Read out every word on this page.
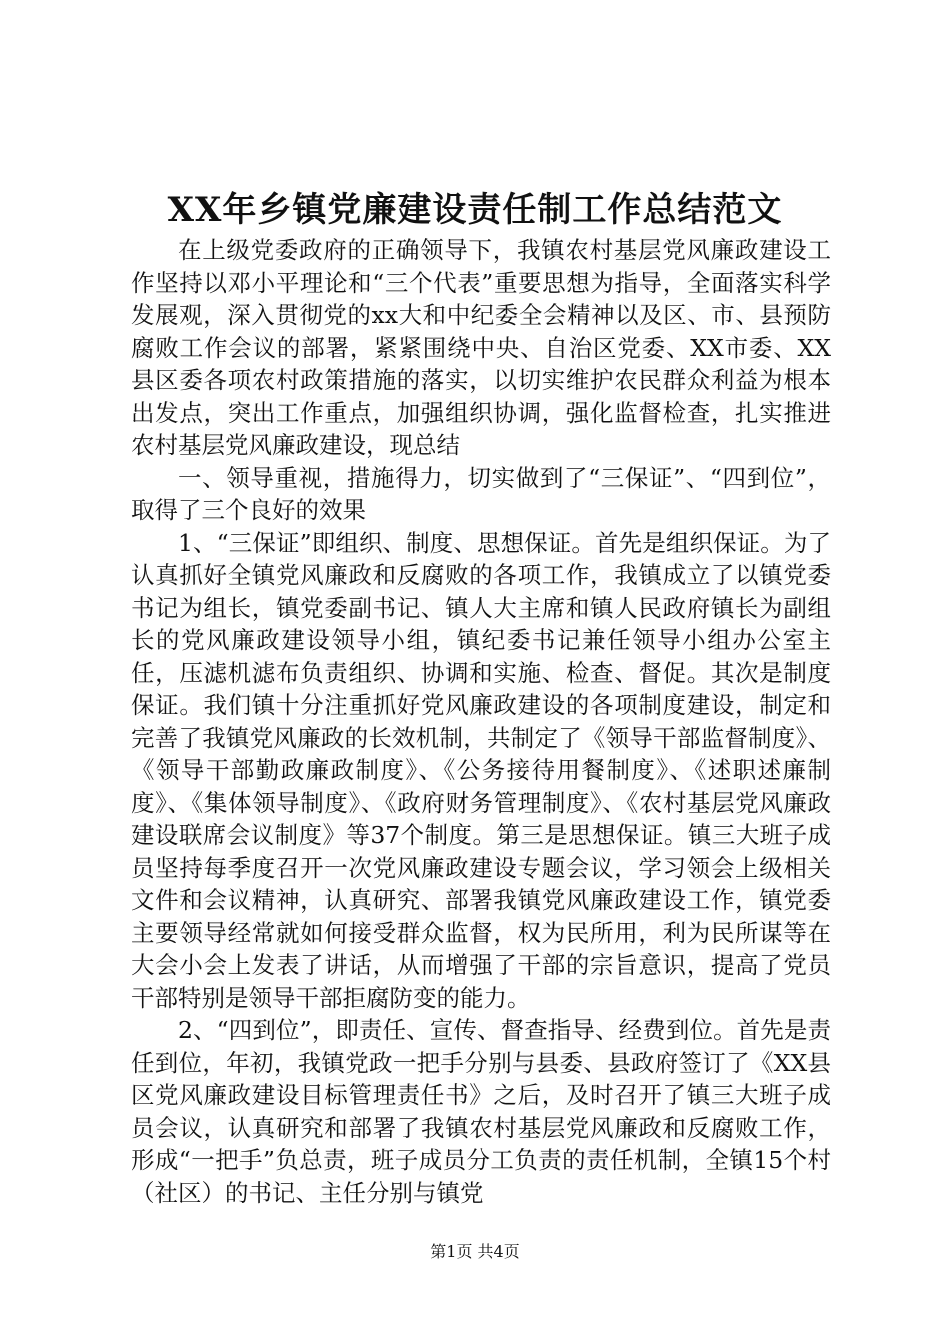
XX年乡镇党廉建设责任制工作总结范文

在上级党委政府的正确领导下，我镇农村基层党风廉政建设工作坚持以邓小平理论和“三个代表”重要思想为指导，全面落实科学发展观，深入贯彻党的xx大和中纪委全会精神以及区、市、县预防腐败工作会议的部署，紧紧围绕中央、自治区党委、XX市委、XX县区委各项农村政策措施的落实，以切实维护农民群众利益为根本出发点，突出工作重点，加强组织协调，强化监督检查，扎实推进农村基层党风廉政建设，现总结

一、领导重视，措施得力，切实做到了“三保证”、“四到位”，取得了三个良好的效果

1、“三保证”即组织、制度、思想保证。首先是组织保证。为了认真抓好全镇党风廉政和反腐败的各项工作，我镇成立了以镇党委书记为组长，镇党委副书记、镇人大主席和镇人民政府镇长为副组长的党风廉政建设领导小组，镇纪委书记兼任领导小组办公室主任，压滤机滤布负责组织、协调和实施、检查、督促。其次是制度保证。我们镇十分注重抓好党风廉政建设的各项制度建设，制定和完善了我镇党风廉政的长效机制，共制定了《领导干部监督制度》、《领导干部勤政廉政制度》、《公务接待用餐制度》、《述职述廉制度》、《集体领导制度》、《政府财务管理制度》、《农村基层党风廉政建设联席会议制度》等37个制度。第三是思想保证。镇三大班子成员坚持每季度召开一次党风廉政建设专题会议，学习领会上级相关文件和会议精神，认真研究、部署我镇党风廉政建设工作，镇党委主要领导经常就如何接受群众监督，权为民所用，利为民所谋等在大会小会上发表了讲话，从而增强了干部的宗旨意识，提高了党员干部特别是领导干部拒腐防变的能力。

2、“四到位”，即责任、宣传、督查指导、经费到位。首先是责任到位，年初，我镇党政一把手分别与县委、县政府签订了《XX县区党风廉政建设目标管理责任书》之后，及时召开了镇三大班子成员会议，认真研究和部署了我镇农村基层党风廉政和反腐败工作，形成“一把手”负总责，班子成员分工负责的责任机制，全镇15个村（社区）的书记、主任分别与镇党

第1页 共4页
